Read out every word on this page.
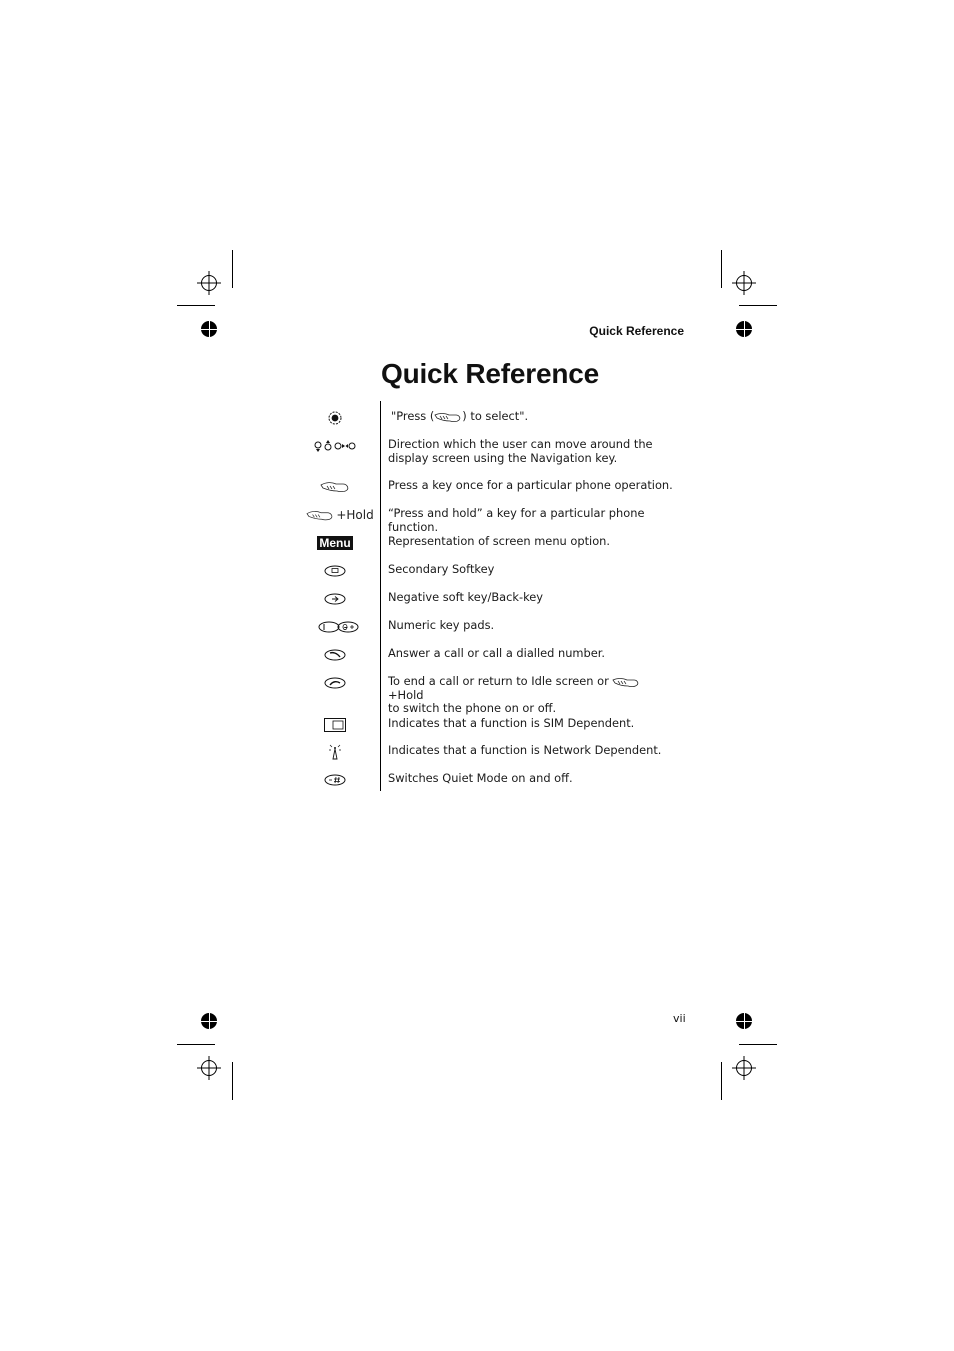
Quick Reference
Quick Reference
"Press ( ) to select".
Direction which the user can move around the display screen using the Navigation key.
Press a key once for a particular phone operation.
+Hold “Press and hold” a key for a particular phone function.
Menu	Representation of screen menu option.
Secondary Softkey
Negative soft key/Back-key
-	Numeric key pads.
Answer a call or call a dialled number.
To end a call or return to Idle screen or  +Hold
to switch the phone on or off.
Indicates that a function is SIM Dependent.
Indicates that a function is Network Dependent.
Switches Quiet Mode on and off.
vii
